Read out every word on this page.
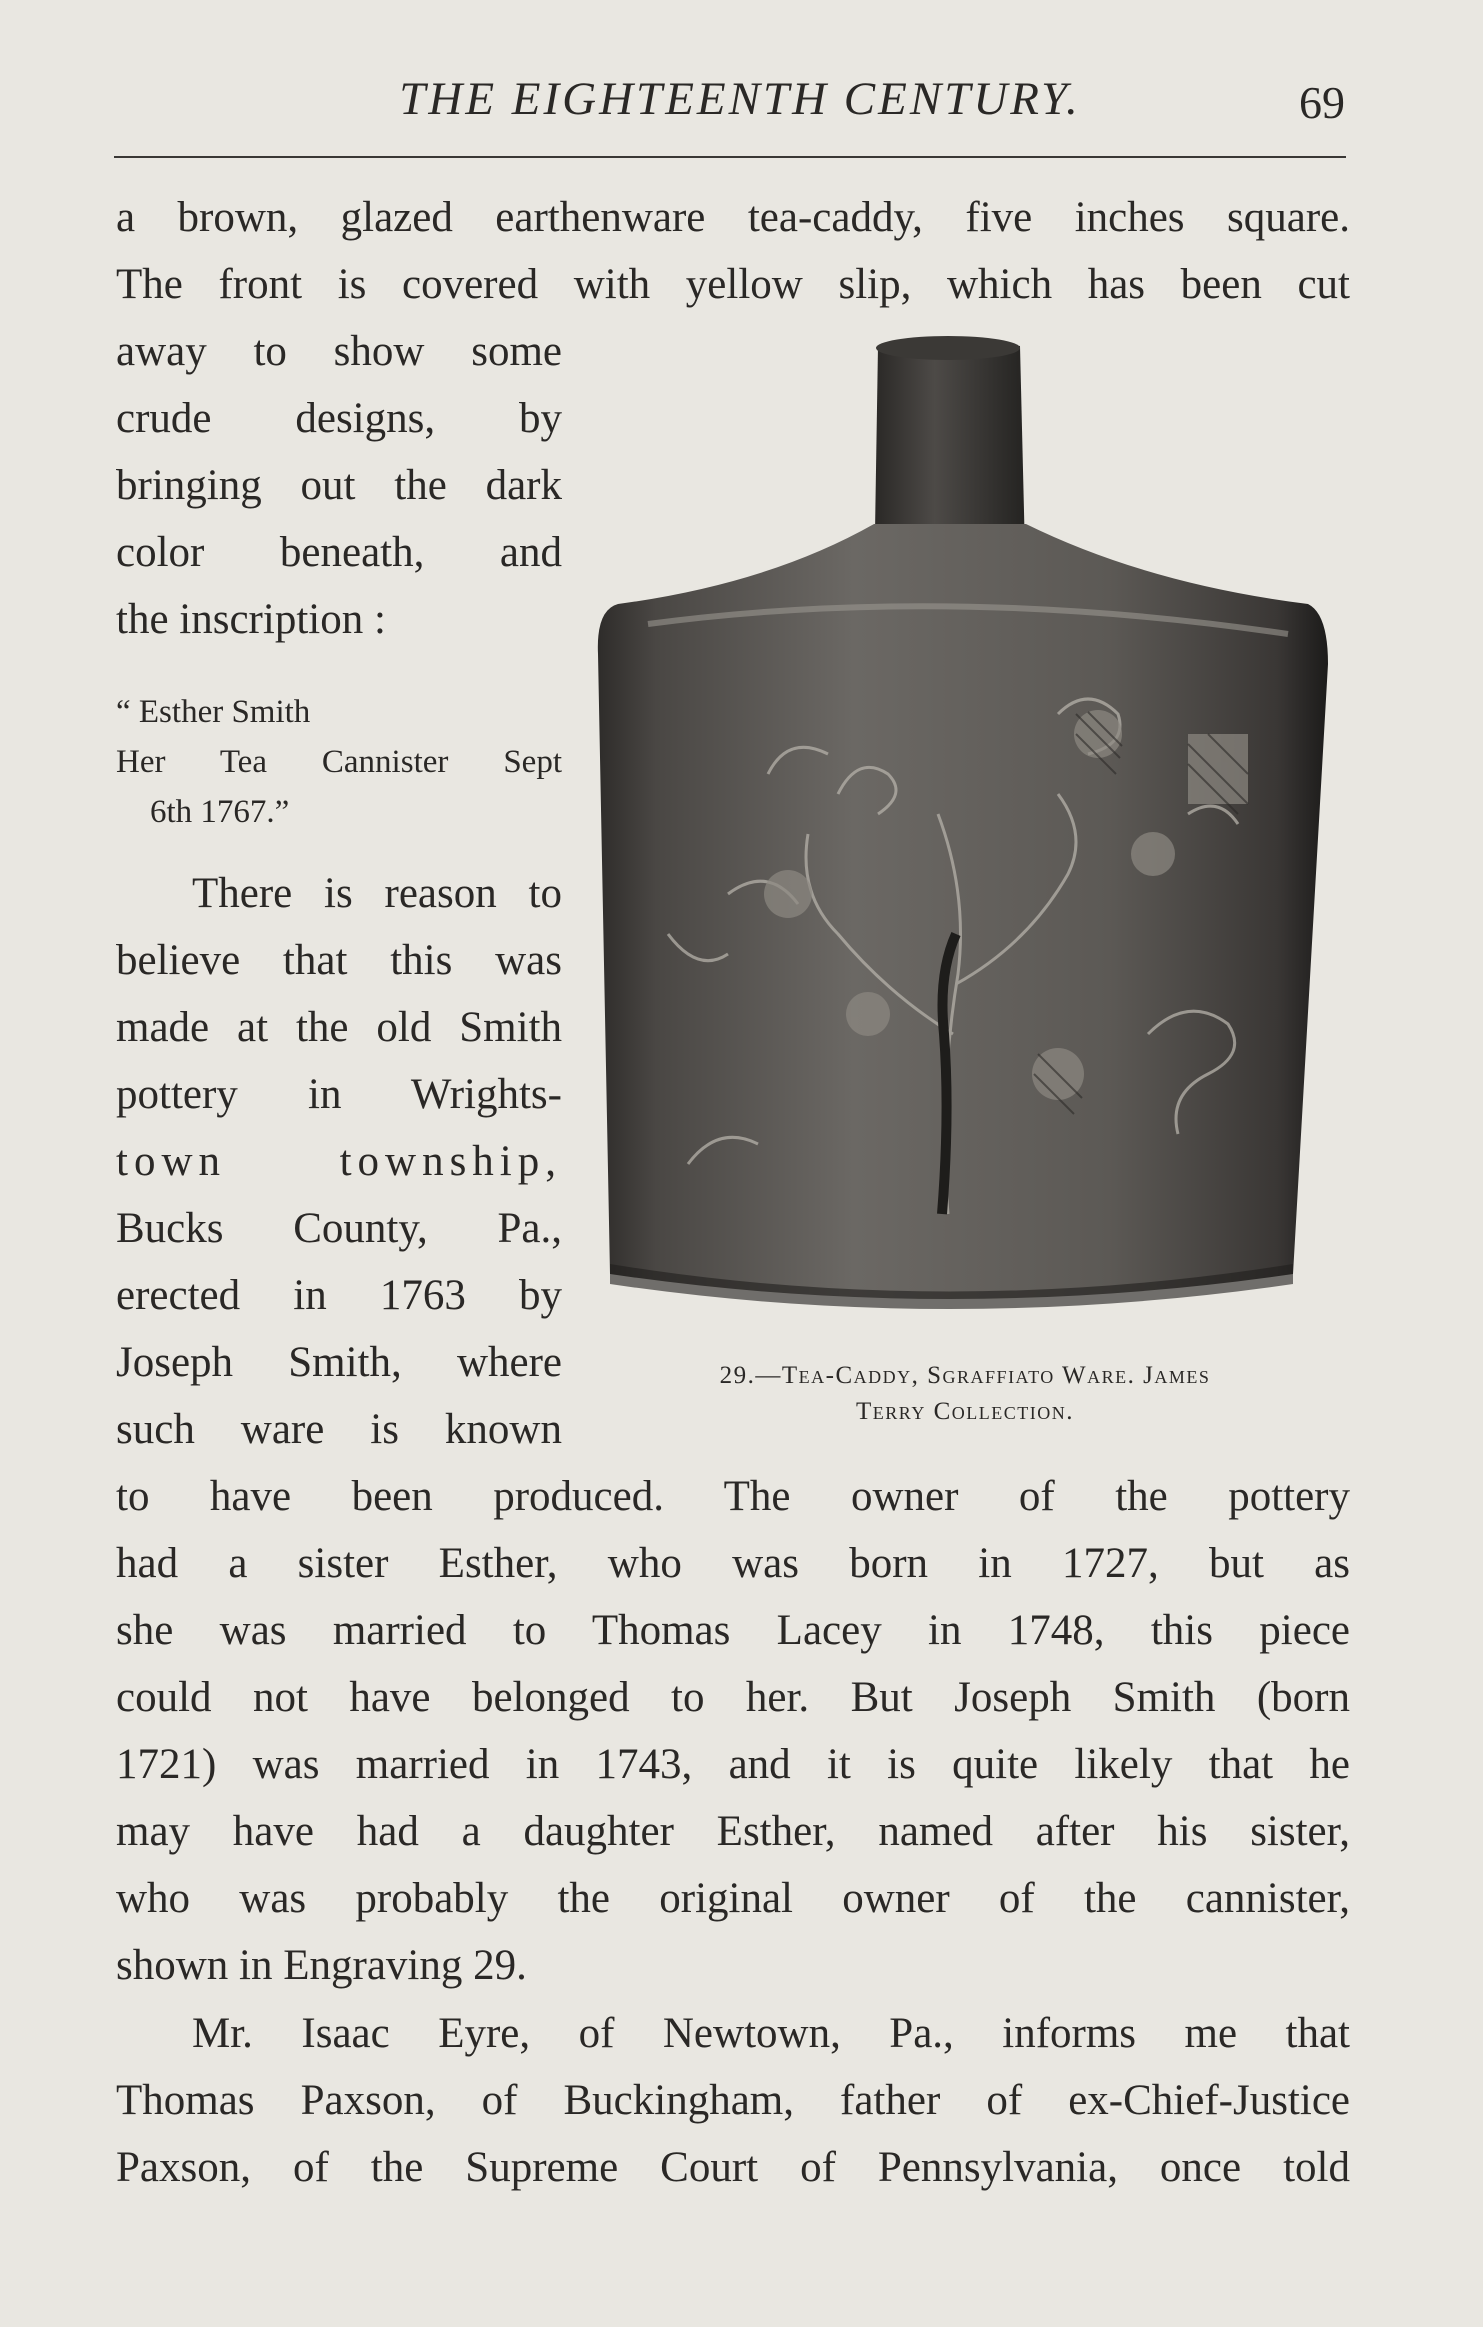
THE EIGHTEENTH CENTURY.	69
a brown, glazed earthenware tea-caddy, five inches square.
The front is covered with yellow slip, which has been cut
away to show some
crude designs, by
bringing out the dark
color beneath, and
the inscription :
“ Esther Smith
Her Tea Cannister Sept
6th 1767.”
There is reason to
believe that this was
made at the old Smith
pottery in Wrights-
town township,
Bucks County, Pa.,
erected in 1763 by
Joseph Smith, where
such ware is known
to have been produced. The owner of the pottery
had a sister Esther, who was born in 1727, but as
she was married to Thomas Lacey in 1748, this piece
could not have belonged to her. But Joseph Smith (born
1721) was married in 1743, and it is quite likely that he
may have had a daughter Esther, named after his sister,
who was probably the original owner of the cannister,
shown in Engraving 29.
Mr. Isaac Eyre, of Newtown, Pa., informs me that
Thomas Paxson, of Buckingham, father of ex-Chief-Justice
Paxson, of the Supreme Court of Pennsylvania, once told
29.—Tea-Caddy, Sgraffiato Ware. James
Terry Collection.
